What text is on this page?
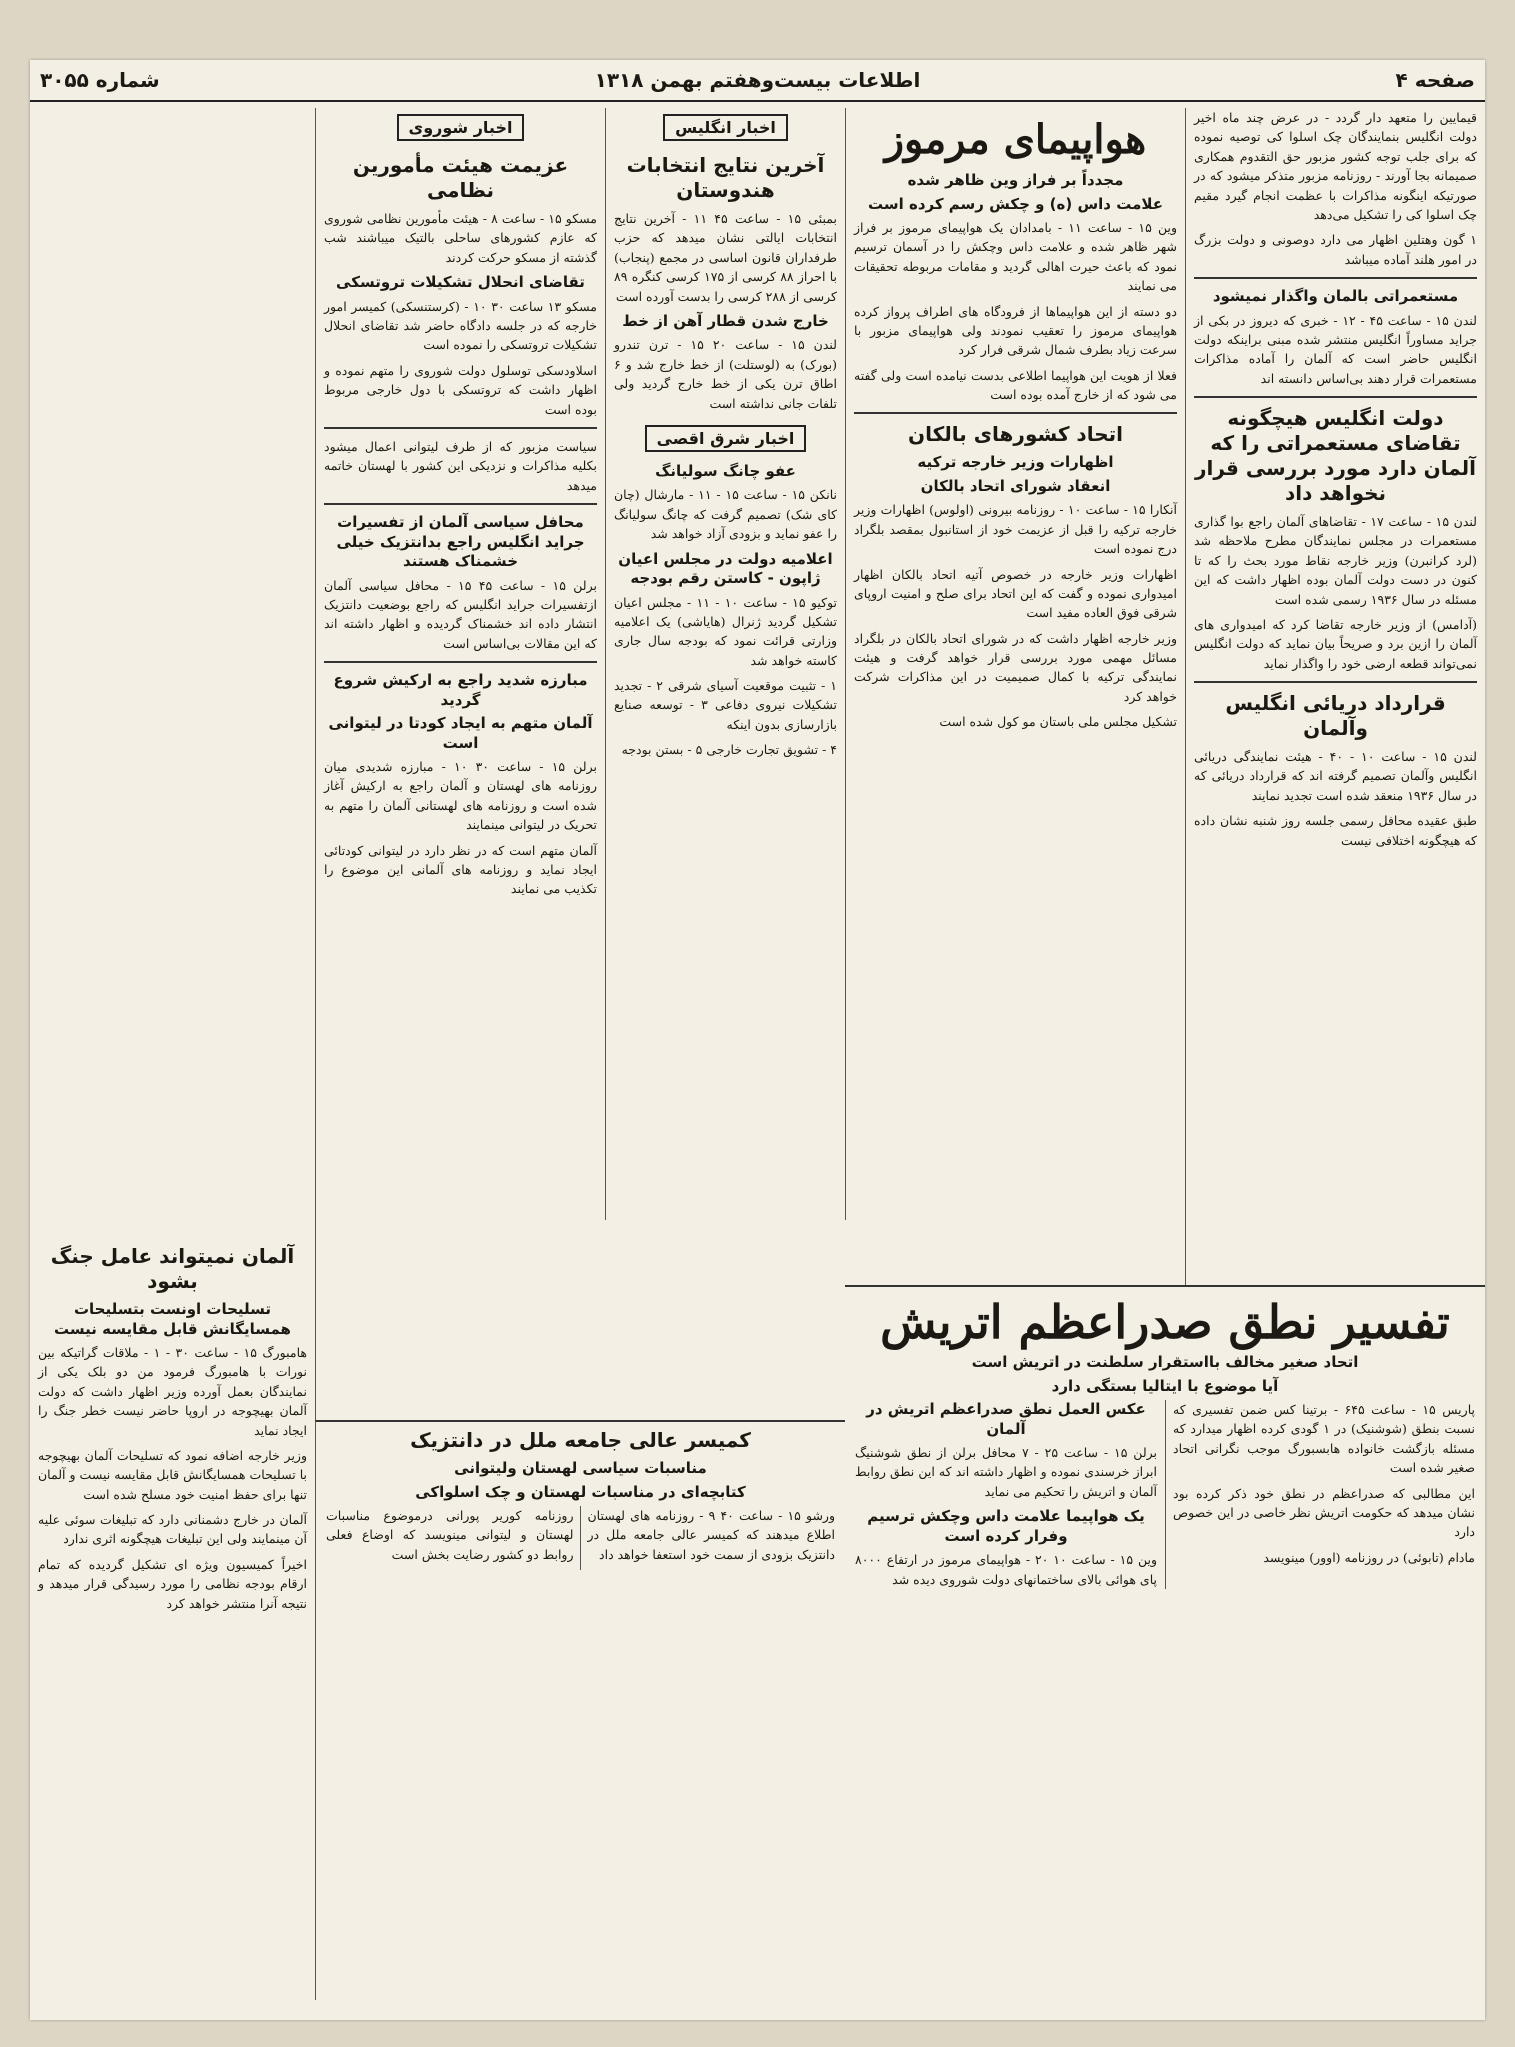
صفحه ۴
اطلاعات بیست‌وهفتم بهمن ۱۳۱۸
شماره ۳۰۵۵

قیمایین را متعهد دار گردد - در عرض چند ماه اخیر دولت انگلیس بنمایندگان چک اسلوا کی توصیه نموده که برای جلب توجه کشور مزبور حق التقدوم همکاری صمیمانه بجا آورند - روزنامه مزبور متذکر میشود که در صورتیکه اینگونه مذاکرات با عظمت انجام گیرد مقیم چک اسلوا کی را تشکیل می‌دهد

۱ گون وهتلین اظهار می دارد دوصونی و دولت بزرگ در امور هلند آماده میباشد

مستعمراتی بالمان واگذار نمیشود

لندن ۱۵ - ساعت ۴۵ - ۱۲ - خبری که دیروز در بکی از جراید مساوراً انگلیس منتشر شده مبنی براینکه دولت انگلیس حاضر است که آلمان را آماده مذاکرات مستعمرات قرار دهند بی‌اساس دانسته اند

دولت انگلیس هیچگونه تقاضای مستعمراتی را که آلمان دارد مورد بررسی قرار نخواهد داد

لندن ۱۵ - ساعت ۱۷ - تقاضاهای آلمان راجع بوا گذاری مستعمرات در مجلس نمایندگان مطرح ملاحظه شد (لرد کرانبرن) وزیر خارجه نقاط مورد بحث را که تا کنون در دست دولت آلمان بوده اظهار داشت که این مسئله در سال ۱۹۳۶ رسمی شده است

(آدامس) از وزیر خارجه تقاضا کرد که امیدواری های آلمان را ازین برد و صریحاً بیان نماید که دولت انگلیس نمی‌تواند قطعه ارضی خود را واگذار نماید

قرارداد دریائی انگلیس وآلمان

لندن ۱۵ - ساعت ۱۰ - ۴۰ - هیئت نمایندگی دریائی انگلیس وآلمان تصمیم گرفته اند که قرارداد دریائی که در سال ۱۹۳۶ منعقد شده است تجدید نمایند

طبق عقیده محافل رسمی جلسه روز شنبه نشان داده که هیچگونه اختلافی نیست

هواپیمای مرموز
مجدداً بر فراز وین ظاهر شده
علامت داس (ه) و چکش رسم کرده است

وین ۱۵ - ساعت ۱۱ - بامدادان یک هواپیمای مرموز بر فراز شهر ظاهر شده و علامت داس وچکش را در آسمان ترسیم نمود که باعث حیرت اهالی گردید و مقامات مربوطه تحقیقات می نمایند

دو دسته از این هواپیماها از فرودگاه های اطراف پرواز کرده هواپیمای مرموز را تعقیب نمودند ولی هواپیمای مزبور با سرعت زیاد بطرف شمال شرقی فرار کرد

فعلا از هویت این هواپیما اطلاعی بدست نیامده است ولی گفته می شود که از خارج آمده بوده است

اتحاد کشورهای بالکان
اظهارات وزیر خارجه ترکیه
انعقاد شورای اتحاد بالکان

آنکارا ۱۵ - ساعت ۱۰ - روزنامه بیرونی (اولوس) اظهارات وزیر خارجه ترکیه را قبل از عزیمت خود از استانبول بمقصد بلگراد درج نموده است

اظهارات وزیر خارجه در خصوص آتیه اتحاد بالکان اظهار امیدواری نموده و گفت که این اتحاد برای صلح و امنیت اروپای شرقی فوق العاده مفید است

وزیر خارجه اظهار داشت که در شورای اتحاد بالکان در بلگراد مسائل مهمی مورد بررسی قرار خواهد گرفت و هیئت نمایندگی ترکیه با کمال صمیمیت در این مذاکرات شرکت خواهد کرد

تشکیل مجلس ملی باستان مو کول شده است

اخبار انگلیس
آخرین نتایج انتخابات هندوستان

بمبئی ۱۵ - ساعت ۴۵ ۱۱ - آخرین نتایج انتخابات ایالتی نشان میدهد که حزب طرفداران قانون اساسی در مجمع (پنجاب) با احراز ۸۸ کرسی از ۱۷۵ کرسی کنگره ۸۹ کرسی از ۲۸۸ کرسی را بدست آورده است

خارج شدن قطار آهن از خط

لندن ۱۵ - ساعت ۲۰ ۱۵ - ترن تندرو (بورک) به (لوستلت) از خط خارج شد و ۶ اطاق ترن یکی از خط خارج گردید ولی تلفات جانی نداشته است

اخبار شرق اقصی
عفو چانگ سولیانگ

نانکن ۱۵ - ساعت ۱۵ - ۱۱ - مارشال (چان کای شک) تصمیم گرفت که چانگ سولیانگ را عفو نماید و بزودی آزاد خواهد شد

اعلامیه دولت در مجلس اعیان ژاپون - کاستن رقم بودجه

توکیو ۱۵ - ساعت ۱۰ - ۱۱ - مجلس اعیان تشکیل گردید ژنرال (هایاشی) یک اعلامیه وزارتی قرائت نمود که بودجه سال جاری کاسته خواهد شد

۱ - تثبیت موقعیت آسیای شرقی ۲ - تجدید تشکیلات نیروی دفاعی ۳ - توسعه صنایع بازارسازی بدون اینکه

۴ - تشویق تجارت خارجی ۵ - بستن بودجه

اخبار شوروی
عزیمت هیئت مأمورین نظامی

مسکو ۱۵ - ساعت ۸ - هیئت مأمورین نظامی شوروی که عازم کشورهای ساحلی بالتیک میباشند شب گذشته از مسکو حرکت کردند

تقاضای انحلال تشکیلات تروتسکی

مسکو ۱۳ ساعت ۳۰ ۱۰ - (کرستنسکی) کمیسر امور خارجه که در جلسه دادگاه حاضر شد تقاضای انحلال تشکیلات تروتسکی را نموده است

اسلاودسکی توسلول دولت شوروی را متهم نموده و اظهار داشت که تروتسکی با دول خارجی مربوط بوده است

سیاست مزبور که از طرف لیتوانی اعمال میشود بکلیه مذاکرات و نزدیکی این کشور با لهستان خاتمه میدهد

محافل سیاسی آلمان از تفسیرات جراید انگلیس راجع بدانتزیک خیلی خشمناک هستند

برلن ۱۵ - ساعت ۴۵ ۱۵ - محافل سیاسی آلمان ازتفسیرات جراید انگلیس که راجع بوضعیت دانتزیک انتشار داده اند خشمناک گردیده و اظهار داشته اند که این مقالات بی‌اساس است

مبارزه شدید راجع به ارکیش شروع گردید
آلمان متهم به ایجاد کودتا در لیتوانی است

برلن ۱۵ - ساعت ۳۰ ۱۰ - مبارزه شدیدی میان روزنامه های لهستان و آلمان راجع به ارکیش آغاز شده است و روزنامه های لهستانی آلمان را متهم به تحریک در لیتوانی مینمایند

آلمان متهم است که در نظر دارد در لیتوانی کودتائی ایجاد نماید و روزنامه های آلمانی این موضوع را تکذیب می نمایند

آلمان نمیتواند عامل جنگ بشود
تسلیحات اونست بتسلیحات همسایگانش قابل مقایسه نیست

هامبورگ ۱۵ - ساعت ۳۰ - ۱ - ملاقات گراتیکه بین نورات با هامبورگ فرمود من دو بلک یکی از نمایندگان بعمل آورده وزیر اظهار داشت که دولت آلمان بهیچوجه در اروپا حاضر نیست خطر جنگ را ایجاد نماید

وزیر خارجه اضافه نمود که تسلیحات آلمان بهیچوجه با تسلیحات همسایگانش قابل مقایسه نیست و آلمان تنها برای حفظ امنیت خود مسلح شده است

آلمان در خارج دشمنانی دارد که تبلیغات سوئی علیه آن مینمایند ولی این تبلیغات هیچگونه اثری ندارد

اخیراً کمیسیون ویژه ای تشکیل گردیده که تمام ارقام بودجه نظامی را مورد رسیدگی قرار میدهد و نتیجه آنرا منتشر خواهد کرد

تفسیر نطق صدراعظم اتریش
اتحاد صغیر مخالف بااستقرار سلطنت در اتریش است
آیا موضوع با ایتالیا بستگی دارد

پاریس ۱۵ - ساعت ۶۴۵ - برتینا کس ضمن تفسیری که نسبت بنطق (شوشنیک) در ۱ گودی کرده اظهار میدارد که مسئله بازگشت خانواده هابسبورگ موجب نگرانی اتحاد صغیر شده است

این مطالبی که صدراعظم در نطق خود ذکر کرده بود نشان میدهد که حکومت اتریش نظر خاصی در این خصوص دارد

مادام (تابوئی) در روزنامه (اوور) مینویسد

عکس العمل نطق صدراعظم اتریش در آلمان

برلن ۱۵ - ساعت ۲۵ - ۷ محافل برلن از نطق شوشنیگ ابراز خرسندی نموده و اظهار داشته اند که این نطق روابط آلمان و اتریش را تحکیم می نماید

یک هواپیما علامت داس وچکش ترسیم وفرار کرده است

وین ۱۵ - ساعت ۱۰ ۲۰ - هواپیمای مرموز در ارتفاع ۸۰۰۰ پای هوائی بالای ساختمانهای دولت شوروی دیده شد

کمیسر عالی جامعه ملل در دانتزیک
مناسبات سیاسی لهستان ولیتوانی
کتابچه‌ای در مناسبات لهستان و چک اسلواکی

ورشو ۱۵ - ساعت ۴۰ ۹ - روزنامه های لهستان اطلاع میدهند که کمیسر عالی جامعه ملل در دانتزیک بزودی از سمت خود استعفا خواهد داد

روزنامه کوریر پورانی درموضوع مناسبات لهستان و لیتوانی مینویسد که اوضاع فعلی روابط دو کشور رضایت بخش است
